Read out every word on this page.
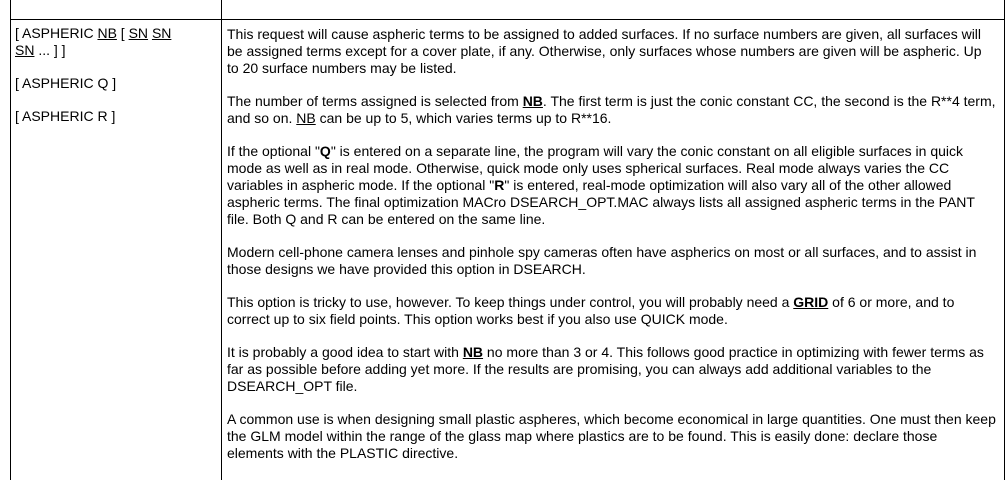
[ ASPHERIC NB [ SN SN
SN ... ] ]

[ ASPHERIC Q ]

[ ASPHERIC R ]

This request will cause aspheric terms to be assigned to added surfaces. If no surface numbers are given, all surfaces will be assigned terms except for a cover plate, if any. Otherwise, only surfaces whose numbers are given will be aspheric. Up to 20 surface numbers may be listed.

The number of terms assigned is selected from NB. The first term is just the conic constant CC, the second is the R**4 term, and so on. NB can be up to 5, which varies terms up to R**16.

If the optional "Q" is entered on a separate line, the program will vary the conic constant on all eligible surfaces in quick mode as well as in real mode. Otherwise, quick mode only uses spherical surfaces. Real mode always varies the CC variables in aspheric mode. If the optional "R" is entered, real-mode optimization will also vary all of the other allowed aspheric terms. The final optimization MACro DSEARCH_OPT.MAC always lists all assigned aspheric terms in the PANT file. Both Q and R can be entered on the same line.

Modern cell-phone camera lenses and pinhole spy cameras often have aspherics on most or all surfaces, and to assist in those designs we have provided this option in DSEARCH.

This option is tricky to use, however. To keep things under control, you will probably need a GRID of 6 or more, and to correct up to six field points. This option works best if you also use QUICK mode.

It is probably a good idea to start with NB no more than 3 or 4. This follows good practice in optimizing with fewer terms as far as possible before adding yet more. If the results are promising, you can always add additional variables to the DSEARCH_OPT file.

A common use is when designing small plastic aspheres, which become economical in large quantities. One must then keep the GLM model within the range of the glass map where plastics are to be found. This is easily done: declare those elements with the PLASTIC directive.
